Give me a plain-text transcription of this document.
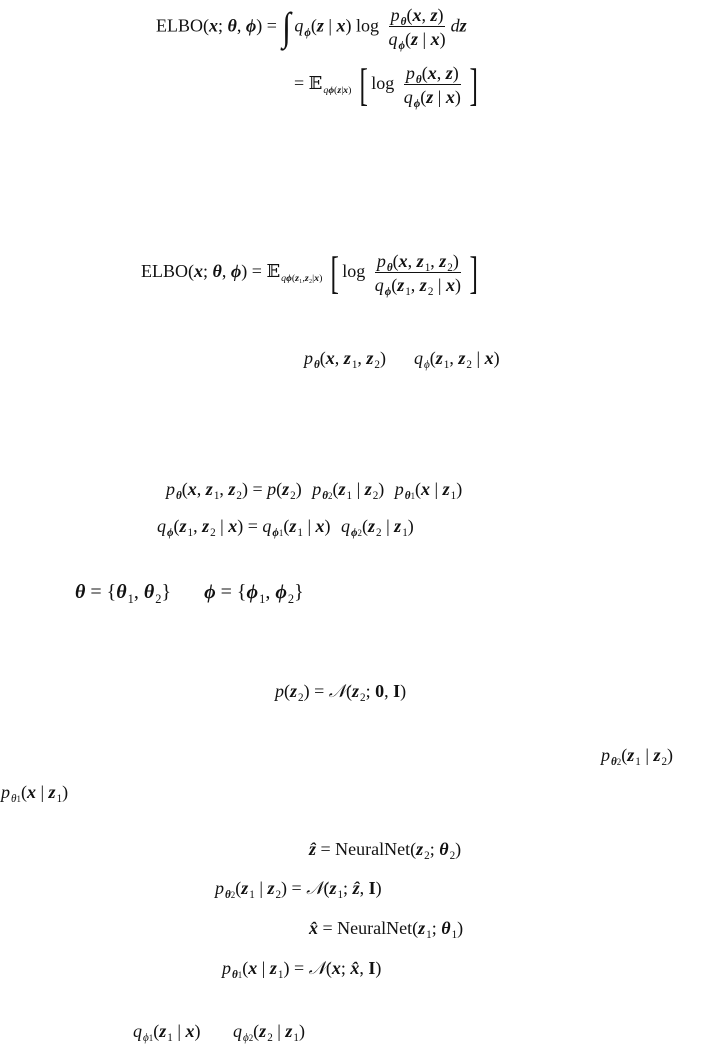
ELBO(x; θ, ϕ) = ∫ $q_\phi(z$ | x) $\log \frac{p_\theta(x, z)}{q_\phi(z | x)}$ dz
= 𝔼$_{q\phi(z|x)}$ [ $\log \frac{p_\theta(x, z)}{q_\phi(z | x)}$ ]
ELBO(x; θ, ϕ) = 𝔼$_{q\phi(z_1,z_2|x)}$ [ $\log \frac{p_\theta(x, z_1, z_2)}{q_\phi(z_1, z_2 | x)}$ ]
$p_\theta(x$, $z_1$, $z_2$) $q_\phi(z_1$, $z_2$ | x)
$p_\theta(x$, $z_1$, $z_2) = p(z_2)$ $p_{\theta 2}(z_1$ | $z_2$) $p_{\theta 1}(x$ | $z_1$)
$q_\phi(z_1$, $z_2$ | $x) = q_{\phi 1}(z_1$ | x) $q_{\phi 2}(z_2$ | $z_1$)
$\theta = \{\theta_1$, $\theta_2$} $\phi = \{\phi_1$, $\phi_2$}
$p(z_2)$ = $𝒩(z_2$; 0, I)
$p_{\theta 2}(z_1$ | $z_2$)
$p_{\theta 1}(x$ | $z_1$)
ẑ = $NeuralNet(z_2$; $\theta_2$)
$p_{\theta 2}(z_1$ | $z_2$) = $𝒩(z_1$; ẑ, I)
x̂ = $NeuralNet(z_1$; $\theta_1$)
$p_{\theta 1}(x$ | $z_1$) = 𝒩(x; x̂, I)
$q_{\phi 1}(z_1$ | x) $q_{\phi 2}(z_2$ | $z_1$)
